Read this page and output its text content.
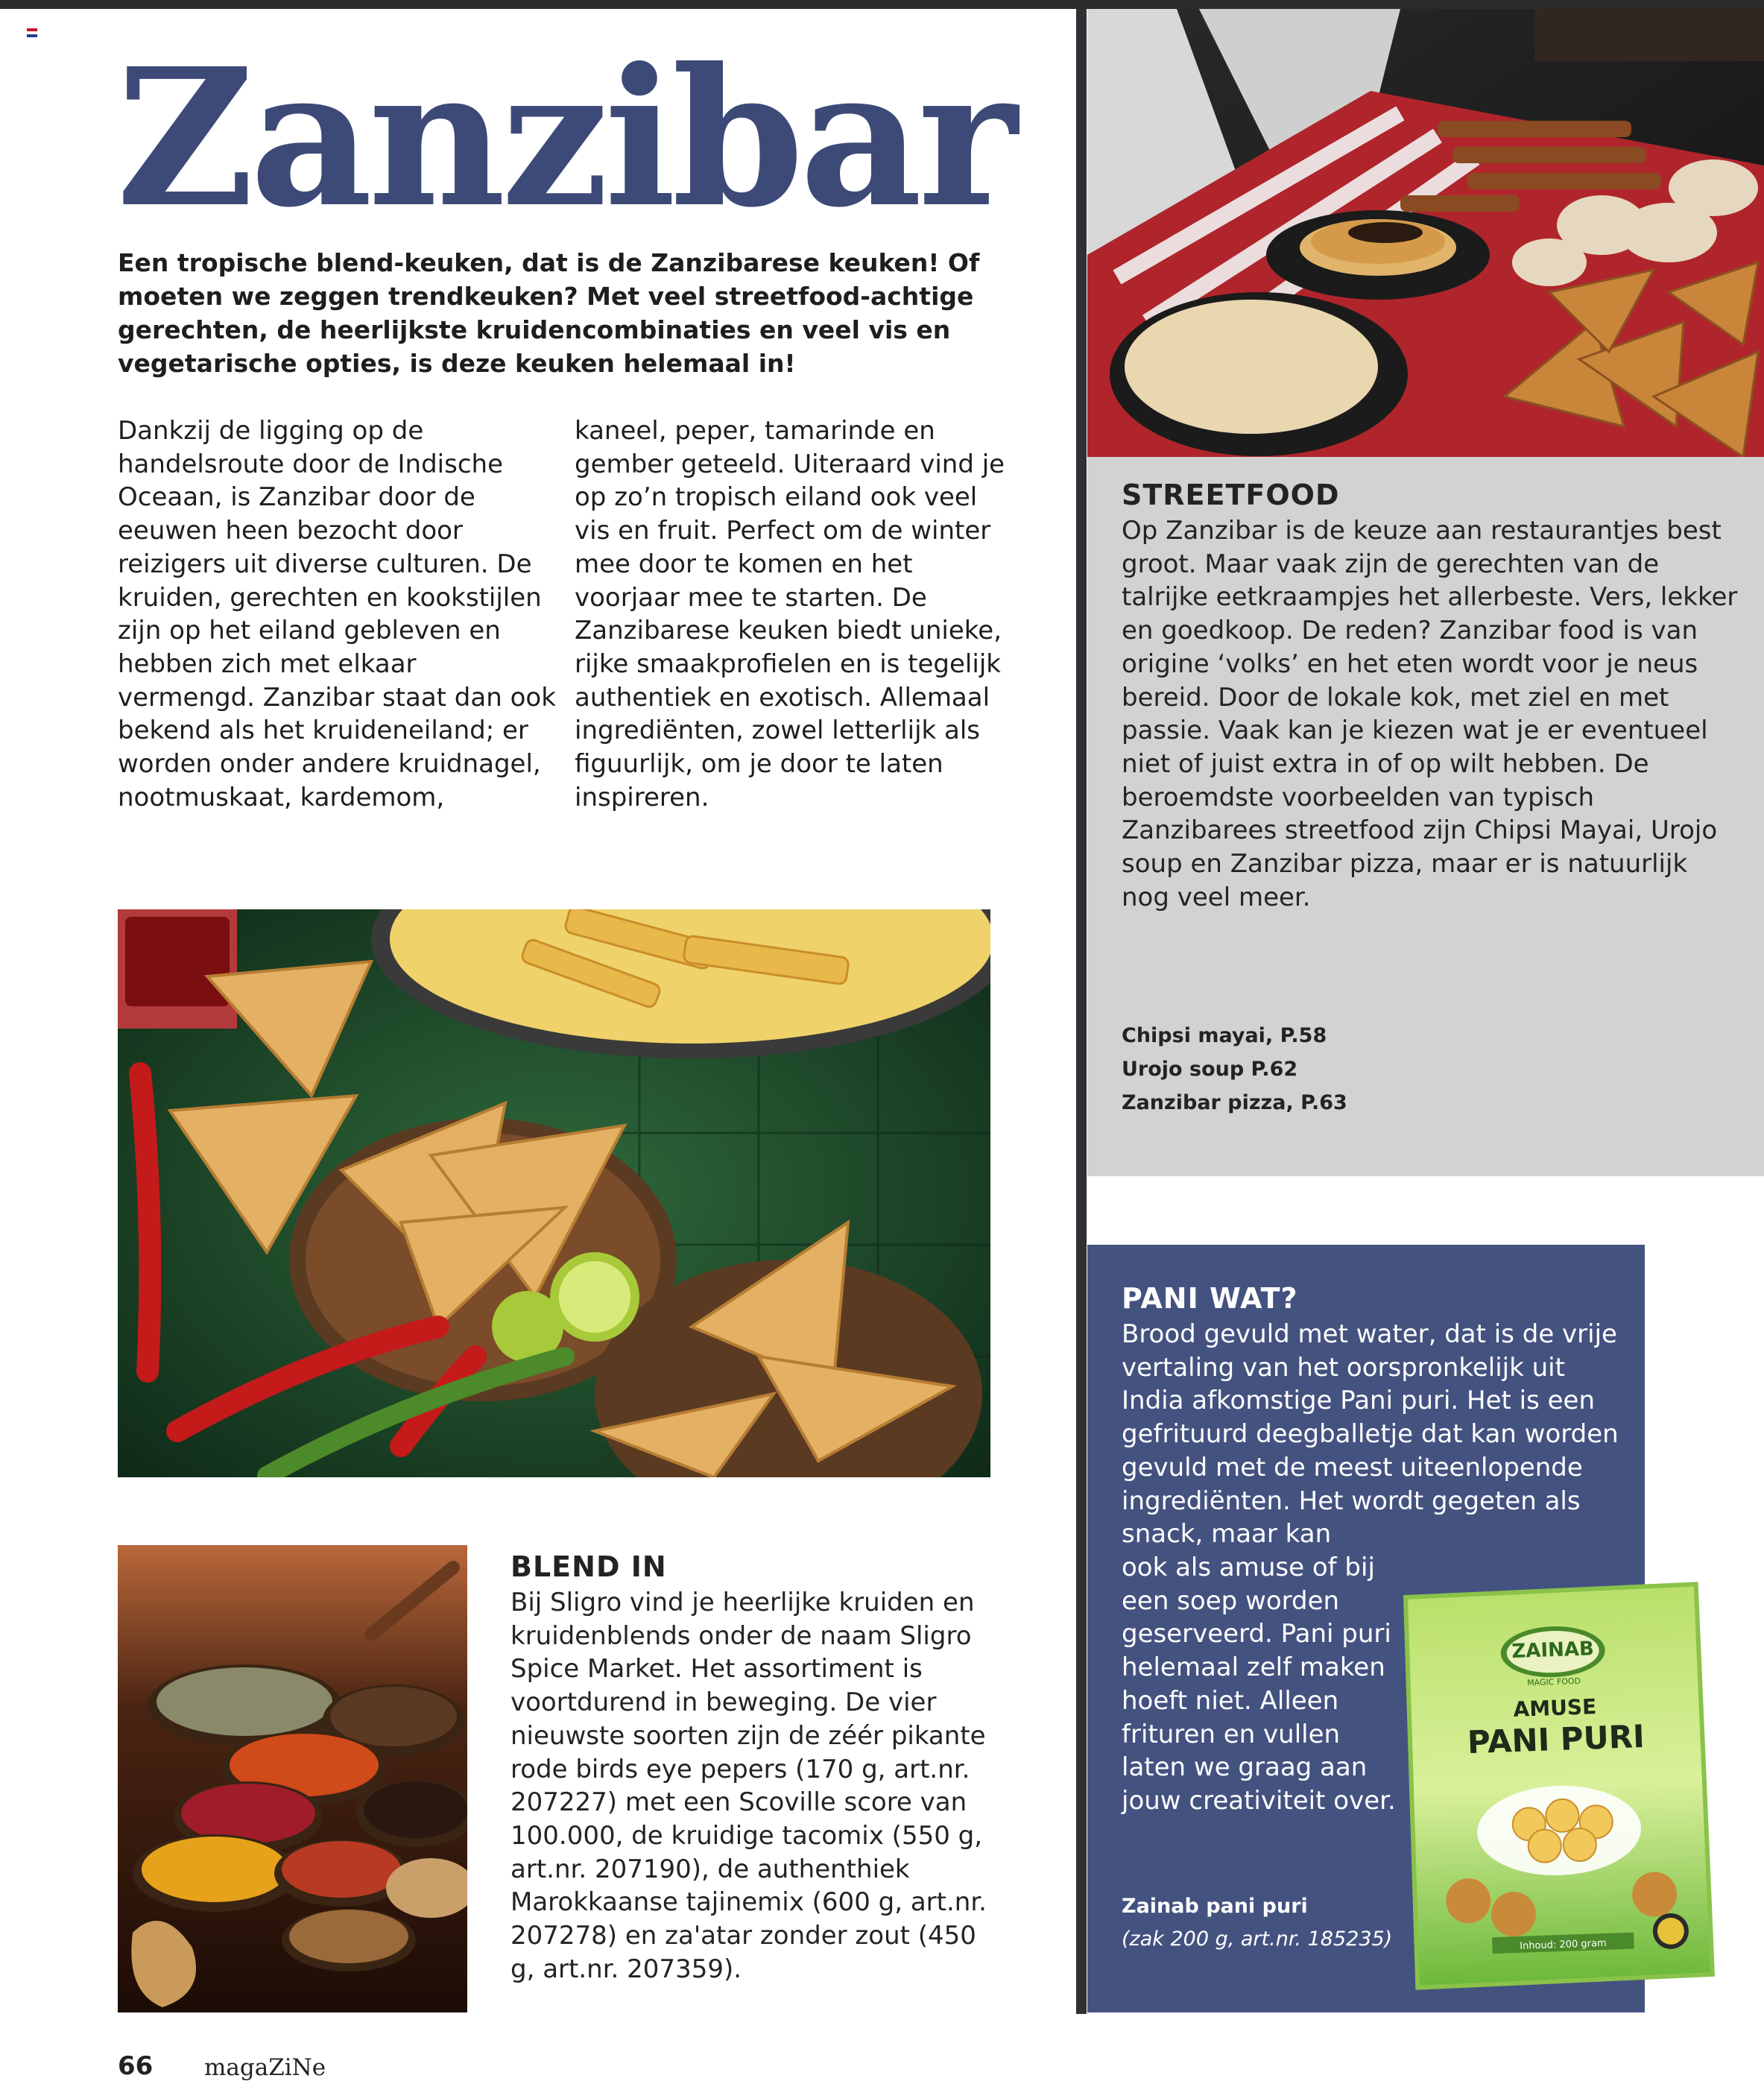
Zanzibar

Een tropische blend-keuken, dat is de Zanzibarese keuken! Of moeten we zeggen trendkeuken? Met veel streetfood-achtige gerechten, de heerlijkste kruidencombinaties en veel vis en vegetarische opties, is deze keuken helemaal in!

Dankzij de ligging op de handelsroute door de Indische Oceaan, is Zanzibar door de eeuwen heen bezocht door reizigers uit diverse culturen. De kruiden, gerechten en kookstijlen zijn op het eiland gebleven en hebben zich met elkaar vermengd. Zanzibar staat dan ook bekend als het kruideneiland; er worden onder andere kruidnagel, nootmuskaat, kardemom,

kaneel, peper, tamarinde en gember geteeld. Uiteraard vind je op zo’n tropisch eiland ook veel vis en fruit. Perfect om de winter mee door te komen en het voorjaar mee te starten. De Zanzibarese keuken biedt unieke, rijke smaakprofielen en is tegelijk authentiek en exotisch. Allemaal ingrediënten, zowel letterlijk als figuurlijk, om je door te laten inspireren.

STREETFOOD

Op Zanzibar is de keuze aan restaurantjes best groot. Maar vaak zijn de gerechten van de talrijke eetkraampjes het allerbeste. Vers, lekker en goedkoop. De reden? Zanzibar food is van origine ‘volks’ en het eten wordt voor je neus bereid. Door de lokale kok, met ziel en met passie. Vaak kan je kiezen wat je er eventueel niet of juist extra in of op wilt hebben. De beroemdste voorbeelden van typisch Zanzibarees streetfood zijn Chipsi Mayai, Urojo soup en Zanzibar pizza, maar er is natuurlijk nog veel meer.

Chipsi mayai, P.58
Urojo soup P.62
Zanzibar pizza, P.63
PANI WAT?

Brood gevuld met water, dat is de vrije vertaling van het oorspronkelijk uit India afkomstige Pani puri. Het is een gefrituurd deegballetje dat kan worden gevuld met de meest uiteenlopende ingrediënten. Het wordt gegeten als snack, maar kan

ook als amuse of bij een soep worden geserveerd. Pani puri helemaal zelf maken hoeft niet. Alleen frituren en vullen laten we graag aan jouw creativiteit over.

Zainab pani puri
(zak 200 g, art.nr. 185235)
ZAINAB
MAGIC FOOD
AMUSE
PANI PURI
Inhoud: 200 gram
BLEND IN

Bij Sligro vind je heerlijke kruiden en kruidenblends onder de naam Sligro Spice Market. Het assortiment is voortdurend in beweging. De vier nieuwste soorten zijn de zéér pikante rode birds eye pepers (170 g, art.nr. 207227) met een Scoville score van 100.000, de kruidige tacomix (550 g, art.nr. 207190), de authenthiek Marokkaanse tajinemix (600 g, art.nr. 207278) en za'atar zonder zout (450 g, art.nr. 207359).

66 magaZiNe
